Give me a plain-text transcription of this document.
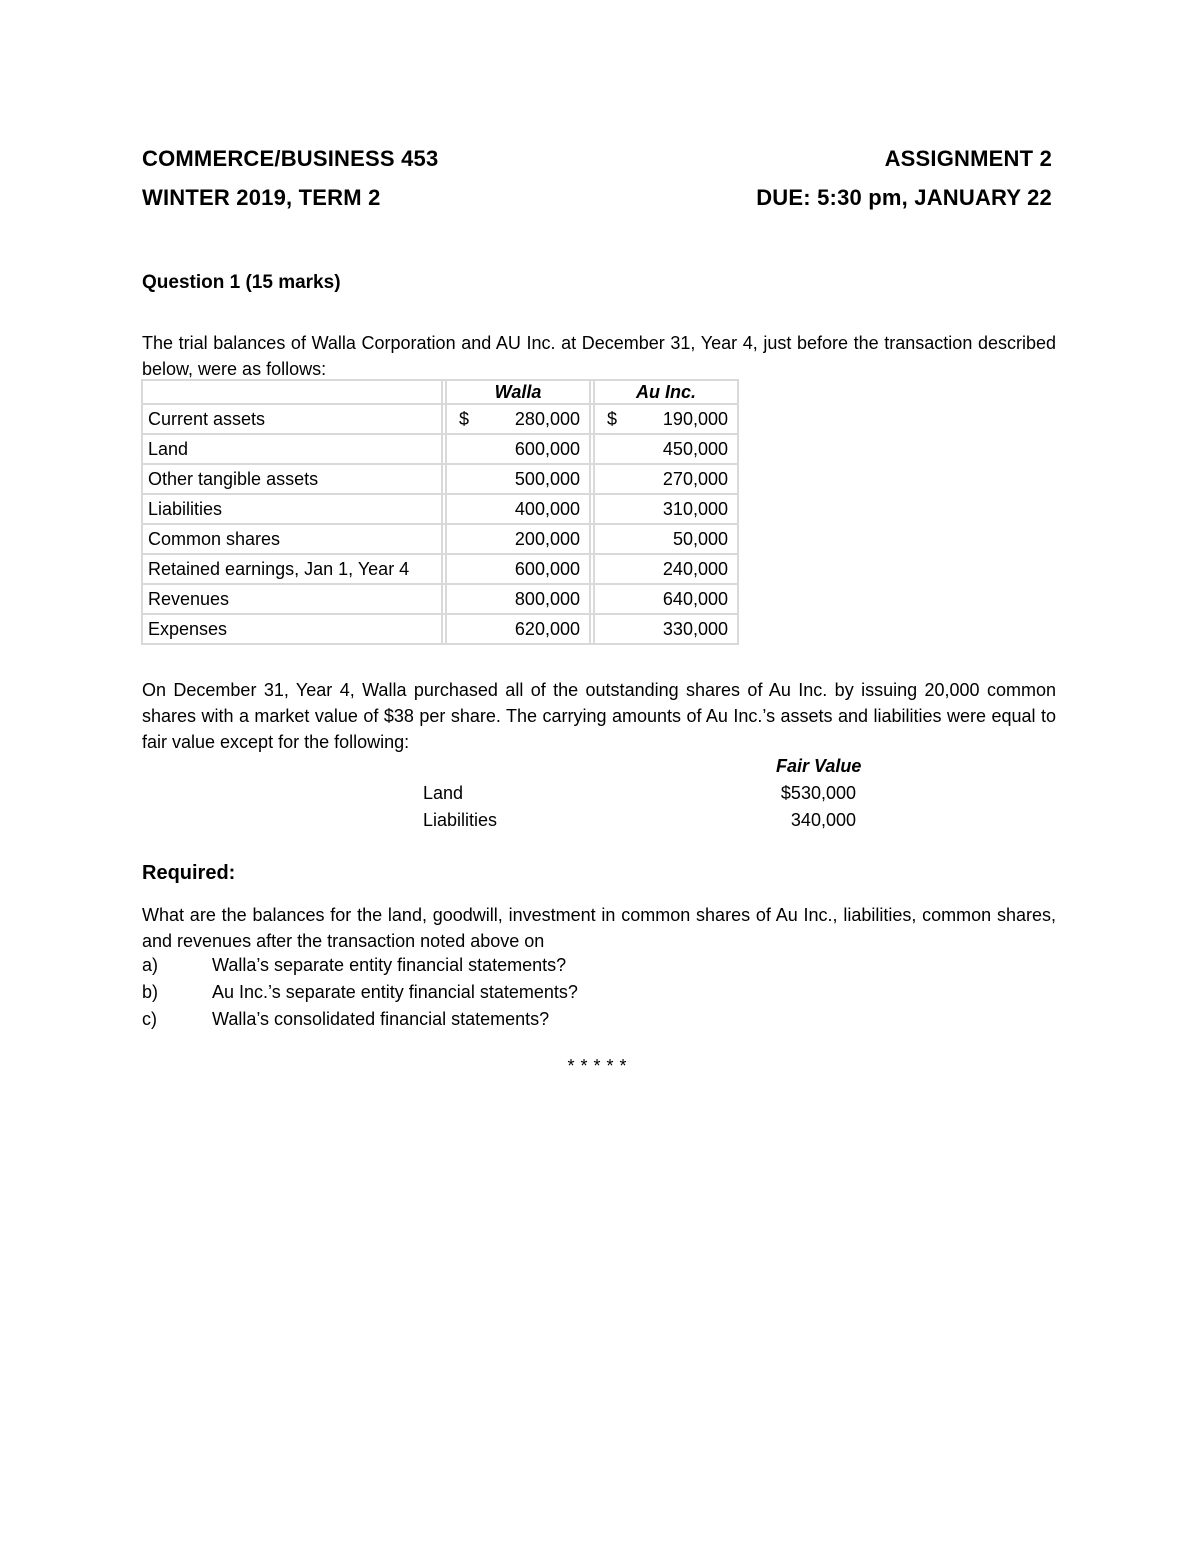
COMMERCE/BUSINESS 453	ASSIGNMENT 2
WINTER 2019, TERM 2	DUE: 5:30 pm, JANUARY 22
Question 1 (15 marks)
The trial balances of Walla Corporation and AU Inc. at December 31, Year 4, just before the transaction described below, were as follows:
		Walla		Au Inc.
Current assets		$ 280,000		$ 190,000
Land		600,000		450,000
Other tangible assets		500,000		270,000
Liabilities		400,000		310,000
Common shares		200,000		50,000
Retained earnings, Jan 1, Year 4		600,000		240,000
Revenues		800,000		640,000
Expenses		620,000		330,000
On December 31, Year 4, Walla purchased all of the outstanding shares of Au Inc. by issuing 20,000 common shares with a market value of $38 per share. The carrying amounts of Au Inc.’s assets and liabilities were equal to fair value except for the following:
Fair Value
Land	$530,000
Liabilities	340,000
Required:
What are the balances for the land, goodwill, investment in common shares of Au Inc., liabilities, common shares, and revenues after the transaction noted above on
a)	Walla’s separate entity financial statements?
b)	Au Inc.’s separate entity financial statements?
c)	Walla’s consolidated financial statements?
*****
